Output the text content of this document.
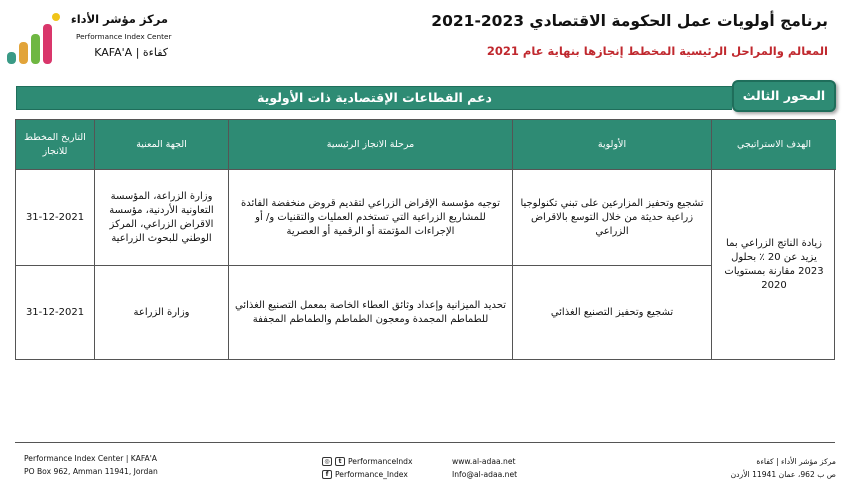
برنامج أولويات عمل الحكومة الاقتصادي 2023-2021
المعالم والمراحل الرئيسية المخطط إنجازها بنهاية عام 2021
مركز مؤشر الأداء
Performance Index Center
KAFA'A | كفاءة
دعم القطاعات الإقتصادية ذات الأولوية	المحور الثالث
الهدف الاستراتيجي
الأولوية
مرحلة الانجاز الرئيسية
الجهة المعنية
التاريخ المخطط للانجاز
زيادة الناتج الزراعي بما يزيد عن 20 ٪ بحلول 2023 مقارنة بمستويات 2020
تشجيع وتحفيز المزارعين على تبني تكنولوجيا زراعية حديثة من خلال التوسع بالاقراض الزراعي
توجيه مؤسسة الإقراض الزراعي لتقديم قروض منخفضة الفائدة للمشاريع الزراعية التي تستخدم العمليات والتقنيات و/ أو الإجراءات المؤتمتة أو الرقمية أو العصرية
وزارة الزراعة، المؤسسة التعاونية الأردنية، مؤسسة الاقراض الزراعي، المركز الوطني للبحوث الزراعية
31-12-2021
تشجيع وتحفيز التصنيع الغذائي
تحديد الميزانية وإعداد وثائق العطاء الخاصة بمعمل التصنيع الغذائي للطماطم المجمدة ومعجون الطماطم والطماطم المجففة
وزارة الزراعة
31-12-2021
Performance Index Center | KAFA'A
PO Box 962, Amman 11941, Jordan
◎	t PerformanceIndx
f Performance_Index
www.al-adaa.net
Info@al-adaa.net
مركز مؤشر الأداء | كفاءة
ص ب 962، عمان 11941 الأردن
